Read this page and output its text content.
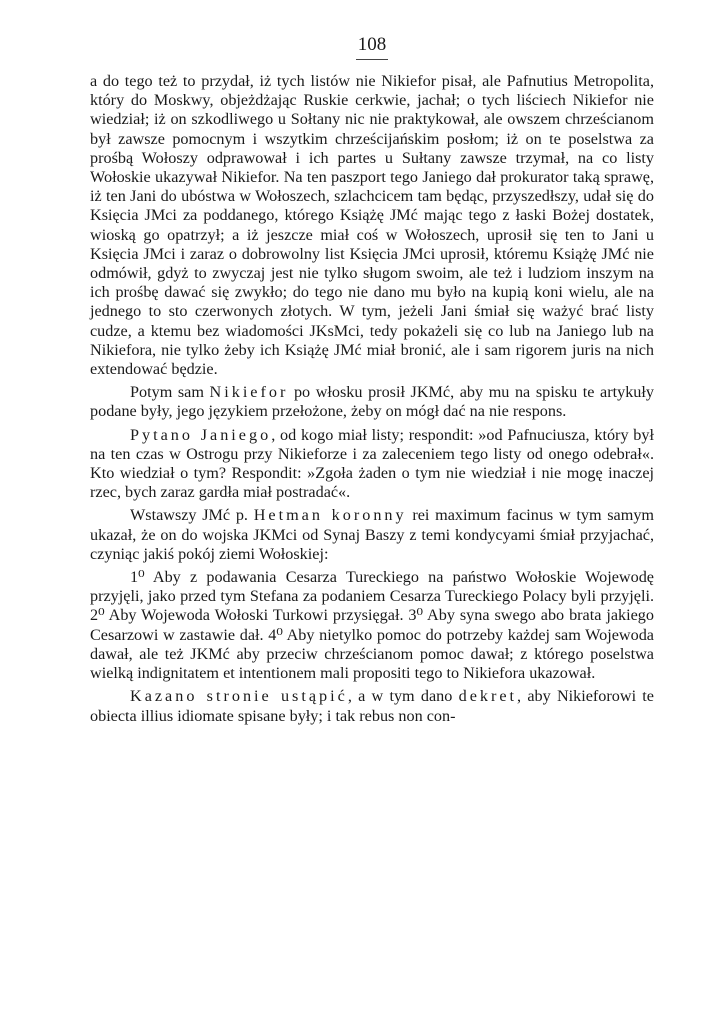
108

a do tego też to przydał, iż tych listów nie Nikiefor pisał, ale Pafnutius Metropolita, który do Moskwy, objeżdżając Ruskie cerkwie, jachał; o tych liściech Nikiefor nie wiedział; iż on szkodliwego u Sołtany nic nie praktykował, ale owszem chrześcianom był zawsze pomocnym i wszytkim chrześcijańskim posłom; iż on te poselstwa za prośbą Wołoszy odprawował i ich partes u Sułtany zawsze trzymał, na co listy Wołoskie ukazywał Nikiefor. Na ten paszport tego Janiego dał prokurator taką sprawę, iż ten Jani do ubóstwa w Wołoszech, szlachcicem tam będąc, przyszedłszy, udał się do Księcia JMci za poddanego, którego Książę JMć mając tego z łaski Bożej dostatek, wioską go opatrzył; a iż jeszcze miał coś w Wołoszech, uprosił się ten to Jani u Księcia JMci i zaraz o dobrowolny list Księcia JMci uprosił, któremu Książę JMć nie odmówił, gdyż to zwyczaj jest nie tylko sługom swoim, ale też i ludziom inszym na ich prośbę dawać się zwykło; do tego nie dano mu było na kupią koni wielu, ale na jednego to sto czerwonych złotych. W tym, jeżeli Jani śmiał się ważyć brać listy cudze, a ktemu bez wiadomości JKsMci, tedy pokażeli się co lub na Janiego lub na Nikiefora, nie tylko żeby ich Książę JMć miał bronić, ale i sam rigorem juris na nich extendować będzie.

Potym sam Nikiefor po włosku prosił JKMć, aby mu na spisku te artykuły podane były, jego językiem przełożone, żeby on mógł dać na nie respons.

Pytano Janiego, od kogo miał listy; respondit: »od Pafnuciusza, który był na ten czas w Ostrogu przy Nikieforze i za zaleceniem tego listy od onego odebrał«. Kto wiedział o tym? Respondit: »Zgoła żaden o tym nie wiedział i nie mogę inaczej rzec, bych zaraz gardła miał postradać«.

Wstawszy JMć p. Hetman koronny rei maximum facinus w tym samym ukazał, że on do wojska JKMci od Synaj Baszy z temi kondycyami śmiał przyjachać, czyniąc jakiś pokój ziemi Wołoskiej:

1⁰ Aby z podawania Cesarza Tureckiego na państwo Wołoskie Wojewodę przyjęli, jako przed tym Stefana za podaniem Cesarza Tureckiego Polacy byli przyjęli. 2⁰ Aby Wojewoda Wołoski Turkowi przysięgał. 3⁰ Aby syna swego abo brata jakiego Cesarzowi w zastawie dał. 4⁰ Aby nietylko pomoc do potrzeby każdej sam Wojewoda dawał, ale też JKMć aby przeciw chrześcianom pomoc dawał; z którego poselstwa wielką indignitatem et intentionem mali propositi tego to Nikiefora ukazował.

Kazano stronie ustąpić, a w tym dano dekret, aby Nikieforowi te obiecta illius idiomate spisane były; i tak rebus non con-
